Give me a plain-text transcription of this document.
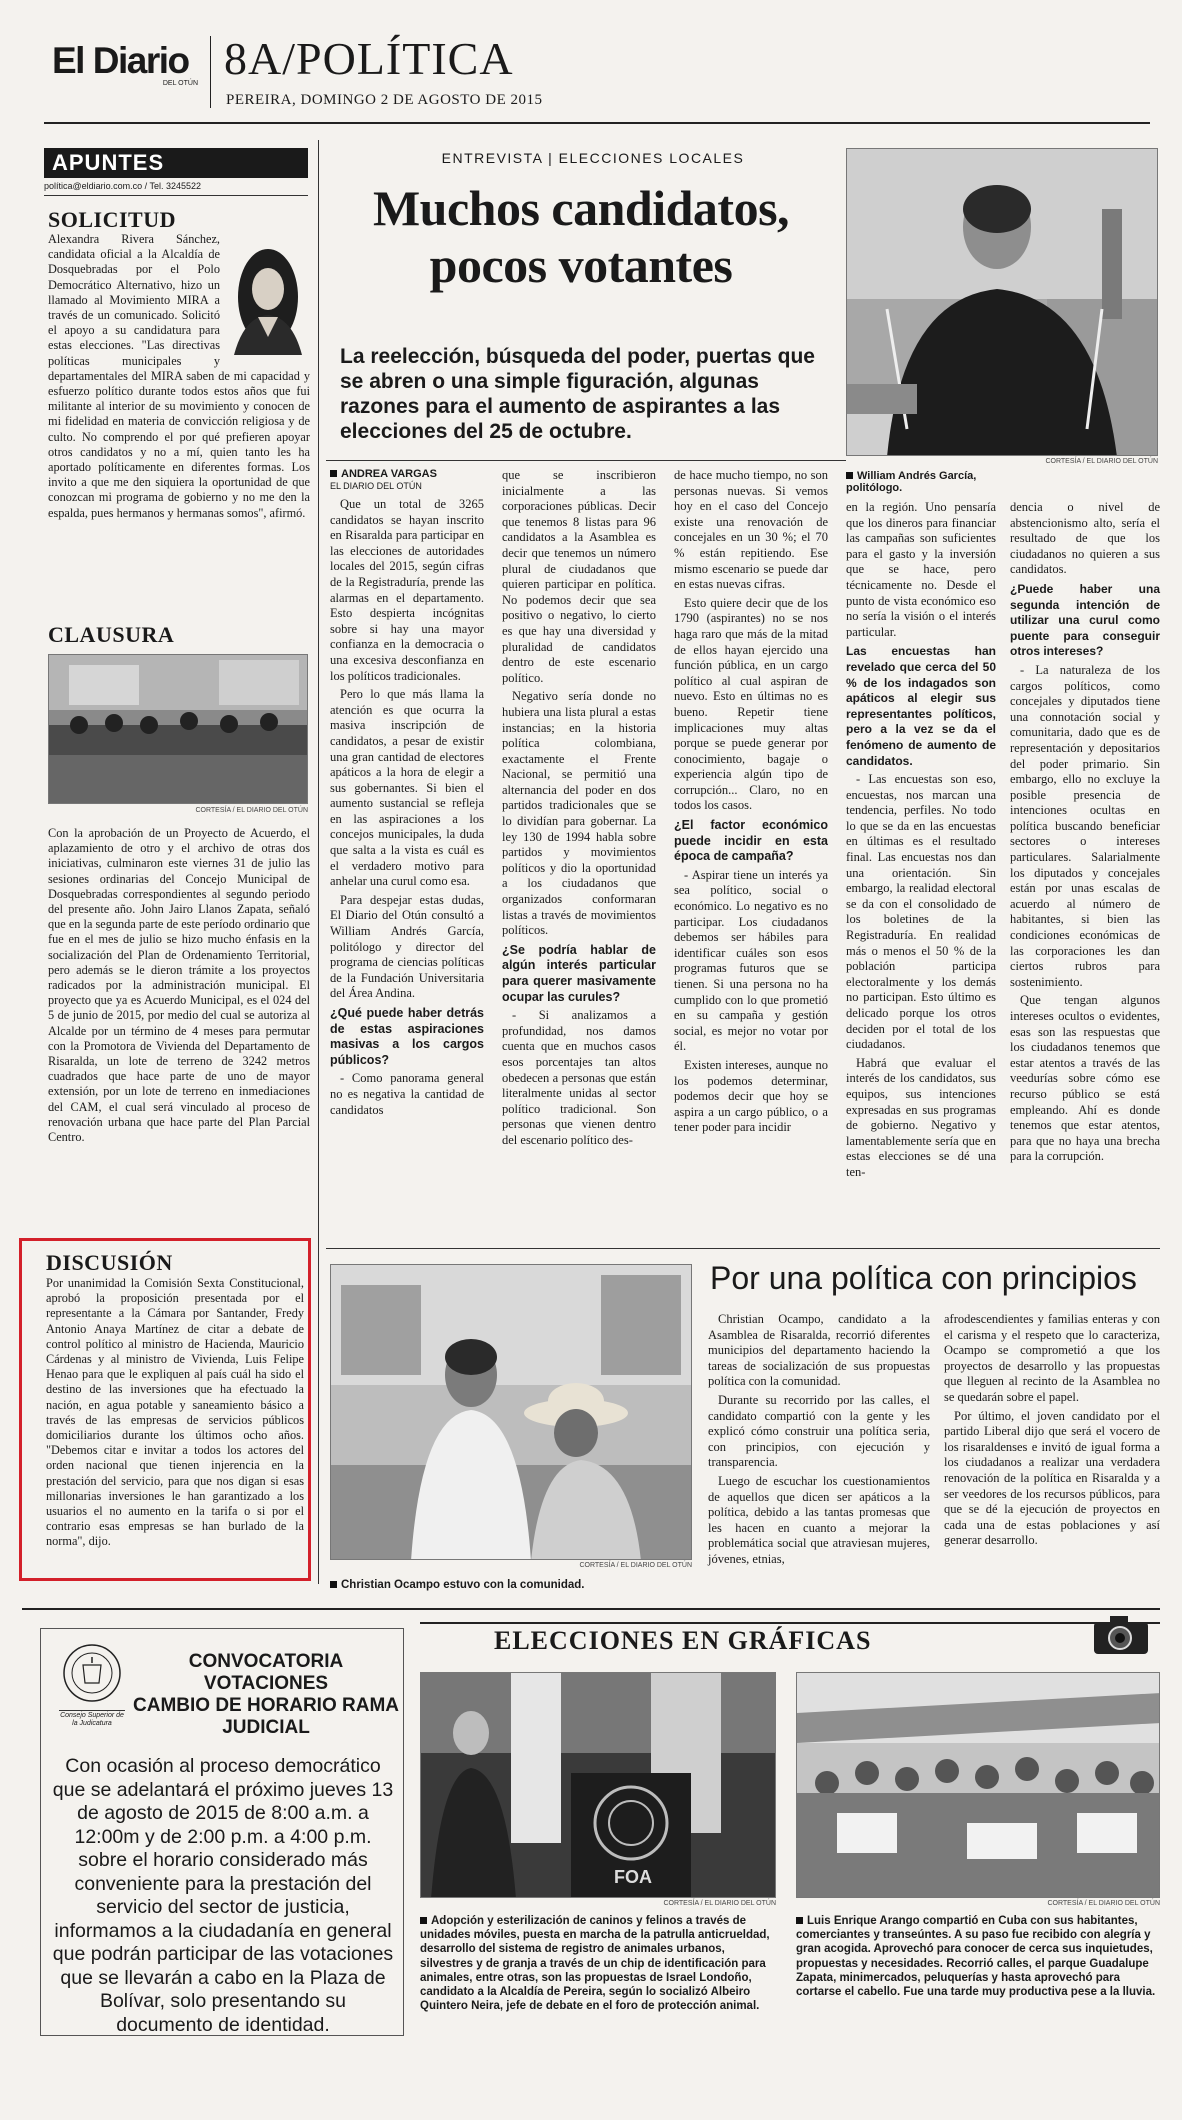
El Diario
DEL OTÚN 8A/POLÍTICA
PEREIRA, DOMINGO 2 DE AGOSTO DE 2015
APUNTES
política@eldiario.com.co / Tel. 3245522
SOLICITUD
Alexandra Rivera Sánchez, candidata oficial a la Alcaldía de Dosquebradas por el Polo Democrático Alternativo, hizo un llamado al Movimiento MIRA a través de un comunicado. Solicitó el apoyo a su candidatura para estas elecciones. "Las directivas políticas municipales y departamentales del MIRA saben de mi capacidad y esfuerzo político durante todos estos años que fui militante al interior de su movimiento y conocen de mi fidelidad en materia de convicción religiosa y de culto. No comprendo el por qué prefieren apoyar otros candidatos y no a mí, quien tanto les ha aportado políticamente en diferentes formas. Los invito a que me den siquiera la oportunidad de que conozcan mi programa de gobierno y no me den la espalda, pues hermanos y hermanas somos", afirmó.
CLAUSURA
CORTESÍA / EL DIARIO DEL OTÚN
Con la aprobación de un Proyecto de Acuerdo, el aplazamiento de otro y el archivo de otras dos iniciativas, culminaron este viernes 31 de julio las sesiones ordinarias del Concejo Municipal de Dosquebradas correspondientes al segundo periodo del presente año. John Jairo Llanos Zapata, señaló que en la segunda parte de este período ordinario que fue en el mes de julio se hizo mucho énfasis en la socialización del Plan de Ordenamiento Territorial, pero además se le dieron trámite a los proyectos radicados por la administración municipal. El proyecto que ya es Acuerdo Municipal, es el 024 del 5 de junio de 2015, por medio del cual se autoriza al Alcalde por un término de 4 meses para permutar con la Promotora de Vivienda del Departamento de Risaralda, un lote de terreno de 3242 metros cuadrados que hace parte de uno de mayor extensión, por un lote de terreno en inmediaciones del CAM, el cual será vinculado al proceso de renovación urbana que hace parte del Plan Parcial Centro.
DISCUSIÓN
Por unanimidad la Comisión Sexta Constitucional, aprobó la proposición presentada por el representante a la Cámara por Santander, Fredy Antonio Anaya Martínez de citar a debate de control político al ministro de Hacienda, Mauricio Cárdenas y al ministro de Vivienda, Luis Felipe Henao para que le expliquen al país cuál ha sido el destino de las inversiones que ha efectuado la nación, en agua potable y saneamiento básico a través de las empresas de servicios públicos domiciliarios durante los últimos ocho años. "Debemos citar e invitar a todos los actores del orden nacional que tienen injerencia en la prestación del servicio, para que nos digan si esas millonarias inversiones le han garantizado a los usuarios el no aumento en la tarifa o si por el contrario esas empresas se han burlado de la norma", dijo.
ENTREVISTA | ELECCIONES LOCALES
Muchos candidatos,
pocos votantes
La reelección, búsqueda del poder, puertas que se abren o una simple figuración, algunas razones para el aumento de aspirantes a las elecciones del 25 de octubre.
CORTESÍA / EL DIARIO DEL OTÚN
ANDREA VARGAS
EL DIARIO DEL OTÚN

Que un total de 3265 candidatos se hayan inscrito en Risaralda para participar en las elecciones de autoridades locales del 2015, según cifras de la Registraduría, prende las alarmas en el departamento. Esto despierta incógnitas sobre si hay una mayor confianza en la democracia o una excesiva desconfianza en los políticos tradicionales.

Pero lo que más llama la atención es que ocurra la masiva inscripción de candidatos, a pesar de existir una gran cantidad de electores apáticos a la hora de elegir a sus gobernantes. Si bien el aumento sustancial se refleja en las aspiraciones a los concejos municipales, la duda que salta a la vista es cuál es el verdadero motivo para anhelar una curul como esa.

Para despejar estas dudas, El Diario del Otún consultó a William Andrés García, politólogo y director del programa de ciencias políticas de la Fundación Universitaria del Área Andina.

¿Qué puede haber detrás de estas aspiraciones masivas a los cargos públicos?

- Como panorama general no es negativa la cantidad de candidatos

que se inscribieron inicialmente a las corporaciones públicas. Decir que tenemos 8 listas para 96 candidatos a la Asamblea es decir que tenemos un número plural de ciudadanos que quieren participar en política. No podemos decir que sea positivo o negativo, lo cierto es que hay una diversidad y pluralidad de candidatos dentro de este escenario político.

Negativo sería donde no hubiera una lista plural a estas instancias; en la historia política colombiana, exactamente el Frente Nacional, se permitió una alternancia del poder en dos partidos tradicionales que se lo dividían para gobernar. La ley 130 de 1994 habla sobre partidos y movimientos políticos y dio la oportunidad a los ciudadanos que organizados conformaran listas a través de movimientos políticos.

¿Se podría hablar de algún interés particular para querer masivamente ocupar las curules?

- Si analizamos a profundidad, nos damos cuenta que en muchos casos esos porcentajes tan altos obedecen a personas que están literalmente unidas al sector político tradicional. Son personas que vienen dentro del escenario político des-

de hace mucho tiempo, no son personas nuevas. Si vemos hoy en el caso del Concejo existe una renovación de concejales en un 30 %; el 70 % están repitiendo. Ese mismo escenario se puede dar en estas nuevas cifras.

Esto quiere decir que de los 1790 (aspirantes) no se nos haga raro que más de la mitad de ellos hayan ejercido una función pública, en un cargo político al cual aspiran de nuevo. Esto en últimas no es bueno. Repetir tiene implicaciones muy altas porque se puede generar por conocimiento, bagaje o experiencia algún tipo de corrupción... Claro, no en todos los casos.

¿El factor económico puede incidir en esta época de campaña?

- Aspirar tiene un interés ya sea político, social o económico. Lo negativo es no participar. Los ciudadanos debemos ser hábiles para identificar cuáles son esos programas futuros que se tienen. Si una persona no ha cumplido con lo que prometió en su campaña y gestión social, es mejor no votar por él.

Existen intereses, aunque no los podemos determinar, podemos decir que hoy se aspira a un cargo público, o a tener poder para incidir

William Andrés García, politólogo.

en la región. Uno pensaría que los dineros para financiar las campañas son suficientes para el gasto y la inversión que se hace, pero técnicamente no. Desde el punto de vista económico eso no sería la visión o el interés particular.

Las encuestas han revelado que cerca del 50 % de los indagados son apáticos al elegir sus representantes políticos, pero a la vez se da el fenómeno de aumento de candidatos.

- Las encuestas son eso, encuestas, nos marcan una tendencia, perfiles. No todo lo que se da en las encuestas en últimas es el resultado final. Las encuestas nos dan una orientación. Sin embargo, la realidad electoral se da con el consolidado de los boletines de la Registraduría. En realidad más o menos el 50 % de la población participa electoralmente y los demás no participan. Esto último es delicado porque los otros deciden por el total de los ciudadanos.

Habrá que evaluar el interés de los candidatos, sus equipos, sus intenciones expresadas en sus programas de gobierno. Negativo y lamentablemente sería que en estas elecciones se dé una ten-

dencia o nivel de abstencionismo alto, sería el resultado de que los ciudadanos no quieren a sus candidatos.

¿Puede haber una segunda intención de utilizar una curul como puente para conseguir otros intereses?

- La naturaleza de los cargos políticos, como concejales y diputados tiene una connotación social y comunitaria, dado que es de representación y depositarios del poder primario. Sin embargo, ello no excluye la posible presencia de intenciones ocultas en política buscando beneficiar sectores o intereses particulares. Salarialmente los diputados y concejales están por unas escalas de acuerdo al número de habitantes, si bien las condiciones económicas de las corporaciones les dan ciertos rubros para sostenimiento.

Que tengan algunos intereses ocultos o evidentes, esas son las respuestas que los ciudadanos tenemos que estar atentos a través de las veedurías sobre cómo ese recurso público se está empleando. Ahí es donde tenemos que estar atentos, para que no haya una brecha para la corrupción.

CORTESÍA / EL DIARIO DEL OTÚN
Christian Ocampo estuvo con la comunidad.
Por una política con principios

Christian Ocampo, candidato a la Asamblea de Risaralda, recorrió diferentes municipios del departamento haciendo la tareas de socialización de sus propuestas política con la comunidad.

Durante su recorrido por las calles, el candidato compartió con la gente y les explicó cómo construir una política seria, con principios, con ejecución y transparencia.

Luego de escuchar los cuestionamientos de aquellos que dicen ser apáticos a la política, debido a las tantas promesas que les hacen en cuanto a mejorar la problemática social que atraviesan mujeres, jóvenes, etnias,

afrodescendientes y familias enteras y con el carisma y el respeto que lo caracteriza, Ocampo se comprometió a que los proyectos de desarrollo y las propuestas que lleguen al recinto de la Asamblea no se quedarán sobre el papel.

Por último, el joven candidato por el partido Liberal dijo que será el vocero de los risaraldenses e invitó de igual forma a los ciudadanos a realizar una verdadera renovación de la política en Risaralda y a ser veedores de los recursos públicos, para que se dé la ejecución de proyectos en cada una de estas poblaciones y así generar desarrollo.

Consejo Superior de la Judicatura
CONVOCATORIA VOTACIONES
CAMBIO DE HORARIO RAMA
JUDICIAL
Con ocasión al proceso democrático que se adelantará el próximo jueves 13 de agosto de 2015 de 8:00 a.m. a 12:00m y de 2:00 p.m. a 4:00 p.m. sobre el horario considerado más conveniente para la prestación del servicio del sector de justicia, informamos a la ciudadanía en general que podrán participar de las votaciones que se llevarán a cabo en la Plaza de Bolívar, solo presentando su documento de identidad.
ELECCIONES EN GRÁFICAS
FOA
CORTESÍA / EL DIARIO DEL OTÚN
Adopción y esterilización de caninos y felinos a través de unidades móviles, puesta en marcha de la patrulla anticrueldad, desarrollo del sistema de registro de animales urbanos, silvestres y de granja a través de un chip de identificación para animales, entre otras, son las propuestas de Israel Londoño, candidato a la Alcaldía de Pereira, según lo socializó Albeiro Quintero Neira, jefe de debate en el foro de protección animal.
CORTESÍA / EL DIARIO DEL OTÚN
Luis Enrique Arango compartió en Cuba con sus habitantes, comerciantes y transeúntes. A su paso fue recibido con alegría y gran acogida. Aprovechó para conocer de cerca sus inquietudes, propuestas y necesidades. Recorrió calles, el parque Guadalupe Zapata, minimercados, peluquerías y hasta aprovechó para cortarse el cabello. Fue una tarde muy productiva pese a la lluvia.
